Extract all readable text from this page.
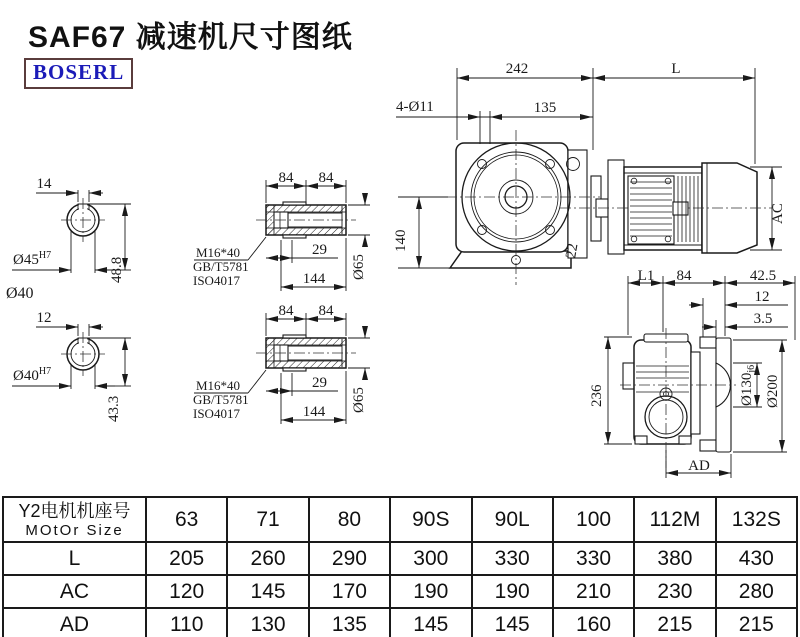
SAF67 减速机尺寸图纸
BOSERL	242	L
4-Ø11	135
140
AC
22
84 84
29
144 Ø65
M16*40
GB/T5781
ISO4017
84 84
29
144 Ø65
M16*40
GB/T5781
ISO4017
14
$Ø45^{H7}$
48.8
Ø40
12
$Ø40^{H7}$
43.3
L1 84	42.5
12
3.5
236	$Ø130_{j6}$
Ø200
AD
Y2电机机座号
MOtOr Size	63	71	80	90S	90L	100	112M	132S
L	205	260	290	300	330	330	380	430
AC	120	145	170	190	190	210	230	280
AD	110	130	135	145	145	160	215	215
